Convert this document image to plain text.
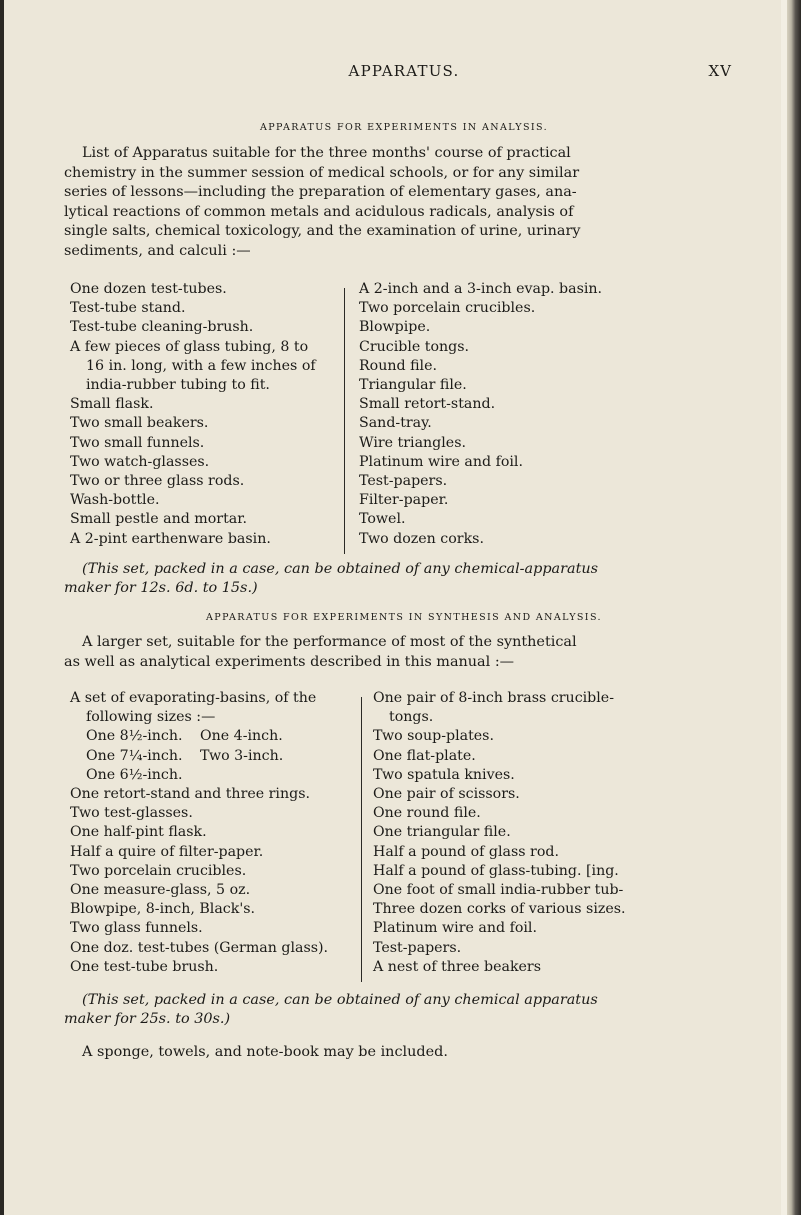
APPARATUS.	XV
APPARATUS FOR EXPERIMENTS IN ANALYSIS.
List of Apparatus suitable for the three months' course of practical
chemistry in the summer session of medical schools, or for any similar
series of lessons—including the preparation of elementary gases, ana-
lytical reactions of common metals and acidulous radicals, analysis of
single salts, chemical toxicology, and the examination of urine, urinary
sediments, and calculi :—
One dozen test-tubes.
Test-tube stand.
Test-tube cleaning-brush.
A few pieces of glass tubing, 8 to
16 in. long, with a few inches of
india-rubber tubing to fit.
Small flask.
Two small beakers.
Two small funnels.
Two watch-glasses.
Two or three glass rods.
Wash-bottle.
Small pestle and mortar.
A 2-pint earthenware basin.
A 2-inch and a 3-inch evap. basin.
Two porcelain crucibles.
Blowpipe.
Crucible tongs.
Round file.
Triangular file.
Small retort-stand.
Sand-tray.
Wire triangles.
Platinum wire and foil.
Test-papers.
Filter-paper.
Towel.
Two dozen corks.
(This set, packed in a case, can be obtained of any chemical-apparatus
maker for 12s. 6d. to 15s.)
APPARATUS FOR EXPERIMENTS IN SYNTHESIS AND ANALYSIS.
A larger set, suitable for the performance of most of the synthetical
as well as analytical experiments described in this manual :—
A set of evaporating-basins, of the
following sizes :—
One 8½-inch. One 4-inch.
One 7¼-inch. Two 3-inch.
One 6½-inch.
One retort-stand and three rings.
Two test-glasses.
One half-pint flask.
Half a quire of filter-paper.
Two porcelain crucibles.
One measure-glass, 5 oz.
Blowpipe, 8-inch, Black's.
Two glass funnels.
One doz. test-tubes (German glass).
One test-tube brush.
One pair of 8-inch brass crucible-
tongs.
Two soup-plates.
One flat-plate.
Two spatula knives.
One pair of scissors.
One round file.
One triangular file.
Half a pound of glass rod.
Half a pound of glass-tubing. [ing.
One foot of small india-rubber tub-
Three dozen corks of various sizes.
Platinum wire and foil.
Test-papers.
A nest of three beakers
(This set, packed in a case, can be obtained of any chemical apparatus
maker for 25s. to 30s.)
A sponge, towels, and note-book may be included.
